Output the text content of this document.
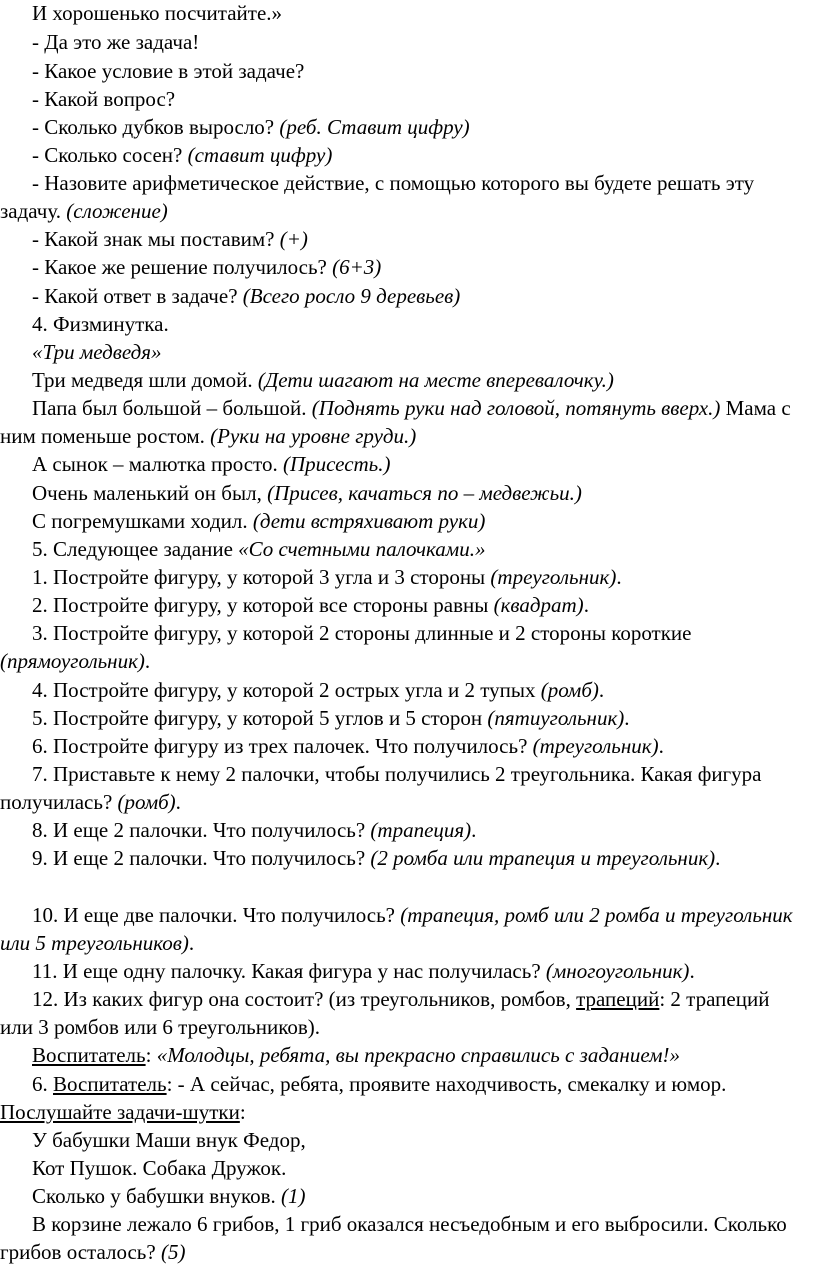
И хорошенько посчитайте.»

- Да это же задача!

- Какое условие в этой задаче?

- Какой вопрос?

- Сколько дубков выросло? (реб. Ставит цифру)

- Сколько сосен? (ставит цифру)

- Назовите арифметическое действие, с помощью которого вы будете решать эту задачу. (сложение)

- Какой знак мы поставим? (+)

- Какое же решение получилось? (6+3)

- Какой ответ в задаче? (Всего росло 9 деревьев)

4. Физминутка.

«Три медведя»

Три медведя шли домой. (Дети шагают на месте вперевалочку.)

Папа был большой – большой. (Поднять руки над головой, потянуть вверх.) Мама с ним поменьше ростом. (Руки на уровне груди.)

А сынок – малютка просто. (Присесть.)

Очень маленький он был, (Присев, качаться по – медвежьи.)

С погремушками ходил. (дети встряхивают руки)

5. Следующее задание «Со счетными палочками.»

1. Постройте фигуру, у которой 3 угла и 3 стороны (треугольник).

2. Постройте фигуру, у которой все стороны равны (квадрат).

3. Постройте фигуру, у которой 2 стороны длинные и 2 стороны короткие (прямоугольник).

4. Постройте фигуру, у которой 2 острых угла и 2 тупых (ромб).

5. Постройте фигуру, у которой 5 углов и 5 сторон (пятиугольник).

6. Постройте фигуру из трех палочек. Что получилось? (треугольник).

7. Приставьте к нему 2 палочки, чтобы получились 2 треугольника. Какая фигура получилась? (ромб).

8. И еще 2 палочки. Что получилось? (трапеция).

9. И еще 2 палочки. Что получилось? (2 ромба или трапеция и треугольник).

10. И еще две палочки. Что получилось? (трапеция, ромб или 2 ромба и треугольник или 5 треугольников).

11. И еще одну палочку. Какая фигура у нас получилась? (многоугольник).

12. Из каких фигур она состоит? (из треугольников, ромбов, трапеций: 2 трапеций или 3 ромбов или 6 треугольников).

Воспитатель: «Молодцы, ребята, вы прекрасно справились с заданием!»

6. Воспитатель: - А сейчас, ребята, проявите находчивость, смекалку и юмор. Послушайте задачи-шутки:

У бабушки Маши внук Федор,

Кот Пушок. Собака Дружок.

Сколько у бабушки внуков. (1)

В корзине лежало 6 грибов, 1 гриб оказался несъедобным и его выбросили. Сколько грибов осталось? (5)
